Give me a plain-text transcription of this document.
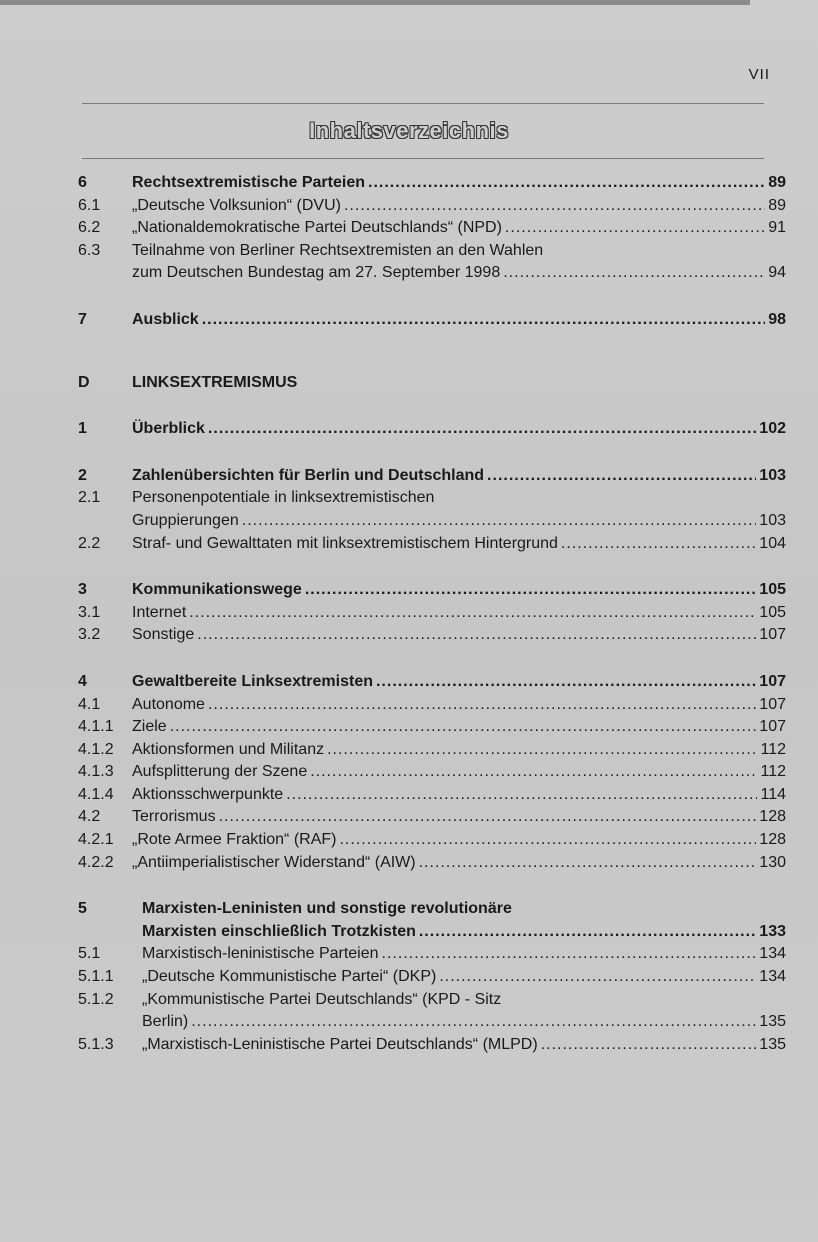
VII
Inhaltsverzeichnis
6	Rechtsextremistische Parteien .....	89
6.1	„Deutsche Volksunion“ (DVU) .....	89
6.2	„Nationaldemokratische Partei Deutschlands“ (NPD) .....	91
6.3	Teilnahme von Berliner Rechtsextremisten an den Wahlen
zum Deutschen Bundestag am 27. September 1998 .....	94
7	Ausblick .....	98
D	LINKSEXTREMISMUS
1	Überblick .....	102
2	Zahlenübersichten für Berlin und Deutschland .....	103
2.1	Personenpotentiale in linksextremistischen
Gruppierungen .....	103
2.2	Straf- und Gewalttaten mit linksextremistischem Hintergrund .....	104
3	Kommunikationswege .....	105
3.1	Internet .....	105
3.2	Sonstige .....	107
4	Gewaltbereite Linksextremisten .....	107
4.1	Autonome .....	107
4.1.1	Ziele .....	107
4.1.2	Aktionsformen und Militanz .....	112
4.1.3	Aufsplitterung der Szene .....	112
4.1.4	Aktionsschwerpunkte .....	114
4.2	Terrorismus .....	128
4.2.1	„Rote Armee Fraktion“ (RAF) .....	128
4.2.2	„Antiimperialistischer Widerstand“ (AIW) .....	130
5	Marxisten-Leninisten und sonstige revolutionäre
Marxisten einschließlich Trotzkisten .....	133
5.1	Marxistisch-leninistische Parteien .....	134
5.1.1	„Deutsche Kommunistische Partei“ (DKP) .....	134
5.1.2	„Kommunistische Partei Deutschlands“ (KPD - Sitz
Berlin) .....	135
5.1.3	„Marxistisch-Leninistische Partei Deutschlands“ (MLPD) .....	135
